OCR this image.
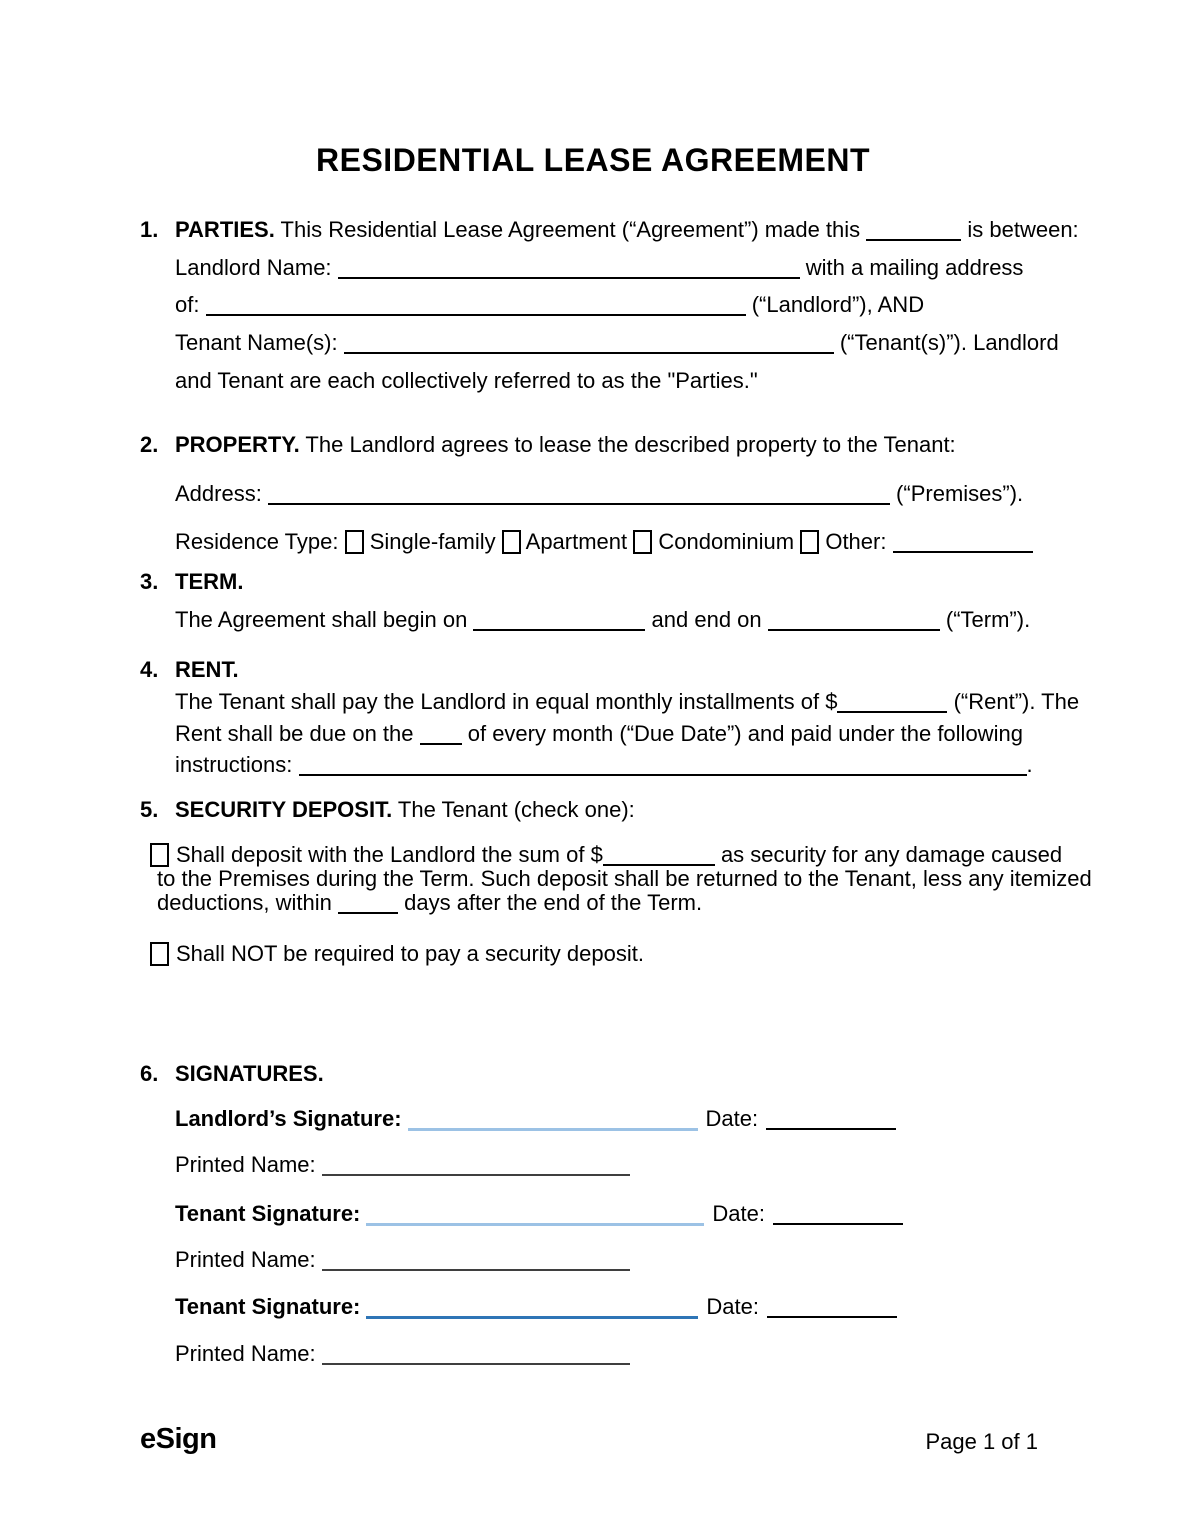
RESIDENTIAL LEASE AGREEMENT
1. PARTIES. This Residential Lease Agreement (“Agreement”) made this	is between:
Landlord Name:	with a mailing address
of:	(“Landlord”), AND
Tenant Name(s):	(“Tenant(s)”). Landlord
and Tenant are each collectively referred to as the "Parties."
2. PROPERTY. The Landlord agrees to lease the described property to the Tenant:
Address:	(“Premises”).
Residence Type:  Single-family  Apartment  Condominium  Other:
3. TERM.
The Agreement shall begin on	and end on	(“Term”).
4. RENT.
The Tenant shall pay the Landlord in equal monthly installments of $	(“Rent”). The
Rent shall be due on the  of every month (“Due Date”) and paid under the following
instructions:	.
5. SECURITY DEPOSIT. The Tenant (check one):
Shall deposit with the Landlord the sum of $	as security for any damage caused
to the Premises during the Term. Such deposit shall be returned to the Tenant, less any itemized
deductions, within	days after the end of the Term.
Shall NOT be required to pay a security deposit.
6. SIGNATURES.
Landlord’s Signature:	Date:
Printed Name:
Tenant Signature:	Date:
Printed Name:
Tenant Signature:	Date:
Printed Name:
eSign	Page 1 of 1
